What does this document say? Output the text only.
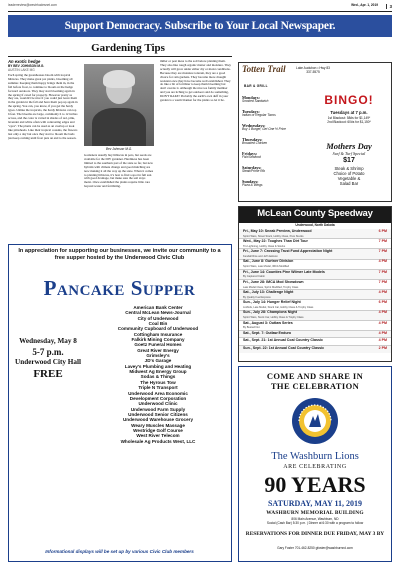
leaderreview@westrhodesnet.com	Wed., Apr. 1, 2019	3
Support Democracy. Subscribe to Your Local Newspaper.
Gardening Tips
An exotic hedge
BY BEV JOHNSON M.G.
AUSTIN LAKE MG
Each spring the greenhouses bloom with tropical hibiscus. They make great pot plants, blooming all summer. Keeping them happy brings them in, in the fall before frost, to continue to bloom on the hedge forward outdoors. They may start blooming again in the spring if cared for properly. However pretty as they are, wouldn't be nice if you could just leave them in the garden in the fall and have them pop up again in the spring. You can, you know, if you get the hardy types. Unlike the tropicals, the hardy hibiscus can top 6 feet. The blooms are large, commonly 6 to 12 inches across, and the color is varied in shades of red, pink, lavender and white often with contrasting edges and "eyes". The plants can be used as an overlap or look like pinwheels. Like their tropical cousins, the flowers last only a day but once they start to bloom the buds just keep coming until frost puts an end to the season.
Bev Johnson M.G.
Gardeners usually buy hibiscus in pots, but seeds are available for the DIY gardener. Hardiness has been limited to the southern part of the state so far, but new hybrids with climate change and good mulching are now making it all the way up the state. When it comes to planting hibiscus, it's best to find a spot in full sun with good drainage, but make sure the soil stays moist. Once established the plants require little care beyond water and fertilizing.
miller or pest mess to the soil before planting them. They also like rough organic matter and moisture. They actually will grow under either dry or moist conditions. Because they are moisture tolerant, they are a good choice for rain gardens. They become more drought resistant once they have become well established. They do like a bit of fertilizer to keep them blooming but don't overdo it. Although the nice tea family member and you are itching to get outdoors and do something, DON'T RAKE! Probably the earth's own duff in your garden is a warm blanket for the plants so let it lie.
Totten Trail
BAR & GRILL
Lake Audubon • Hwy 83
337-5575
Mondays:
Smoked Sandwich
Tuesdays:
Indian or Regular Tacos
Wednesdays:
Buy 1 Burger, Get One ½ Price
Thursdays:
Broasted Chicken
Fridays:
Fish/Seafood
Saturdays:
Steak/Prime Rib
Sundays:
Pizza & Wings
BINGO!
Tuesdays at 7 p.m.
1st Blackout: 58#s for $1,149*
2nd Blackout: 60#s for $1,150*
Mothers Day
Surf & Turf Special
$17
Steak & Shrimp
Choice of Potato
Vegetable &
Salad Bar
McLean County Speedway
Underwood, North Dakota
Fri., May 10: Sneak Preview, Underwood	6 PM
Sprint Wars, Street Stock, Hobby Class, Pure Stocks
Wed., May 22: Toughes Than Dirt Tour	7 PM
Tru Lightning, Hobby Class & Stocks
Fri., June 7: Crossing Trust Fund Appreciation Night	7 PM
Kendall Rice and Jeff Jackson
Sat., June 8: Gurtner Division	4 PM
Sprint Wars, Late Model, IMCA Modified
Fri., June 14: Counties Pine Wilmer Late Models	7 PM
By Captured Cabin
Fri., June 28: IMCA Mod Showdown	7 PM
Late Model Class, Sprint Modified, Trophy Class
Sat., July 13: Challenge Night	4 PM
By Quality Fuel Express
Sun., July 14: Hunger Relief Night	6 PM
A-Mods, Late Model, Stock Car, Hobby Class & Trophy Class
Sun., July 28: Champions Night	4 PM
Sprint Wars, Stock Car, Hobby Class & Trophy Class
Sat., August 3: Outlaw Series	4 PM
By Busted Nut
Sat., Sept. 7: Outlaw Enduro	4 PM
Sat., Sept. 21: 1st Annual Coal Country Classic	4 PM
Sun., Sept. 22: 1st Annual Coal Country Classic	2 PM
In appreciation for supporting our businesses, we invite our community to a free supper hosted by the Underwood Civic Club
Pancake Supper
Wednesday, May 8
5-7 p.m.
Underwood City Hall
FREE
American Bank Center
Central McLean News-Journal
City of Underwood
Coal Bin
Community Cupboard of Underwood
Cottingham Insurance
Falkirk Mining Company
Goetz Funeral Homes
Great River Energy
Grimsley's
JD's Garage
Lavey's Plumbing and Heating
Midwest Ag Energy Group
Sodas & Things
The Hyrous Tow
Triple N Transport
Underwood Area Economic
Development Corporation
Underwood Clinic
Underwood Farm Supply
Underwood Senior Citizens
Underwood Warehouse Grocery
Weary Muscles Massage
Westridge Golf Course
West River Telecom
Wholesale Ag Products West, LLC
Informational displays will be set up by various Civic Club members
COME AND SHARE IN
THE CELEBRATION
The Washburn Lions
ARE CELEBRATING
90 YEARS
SATURDAY, MAY 11, 2019
WASHBURN MEMORIAL BUILDING
806 Main Avenue, Washburn, ND
Social (Cash Bar) 5:30 p.m. | Dinner at 6:30 with a program to follow
RESERVATIONS FOR DINNER DUE FRIDAY, MAY 3 BY
Gary Foster 701-462-8250 gfoster@washburnnd.com
